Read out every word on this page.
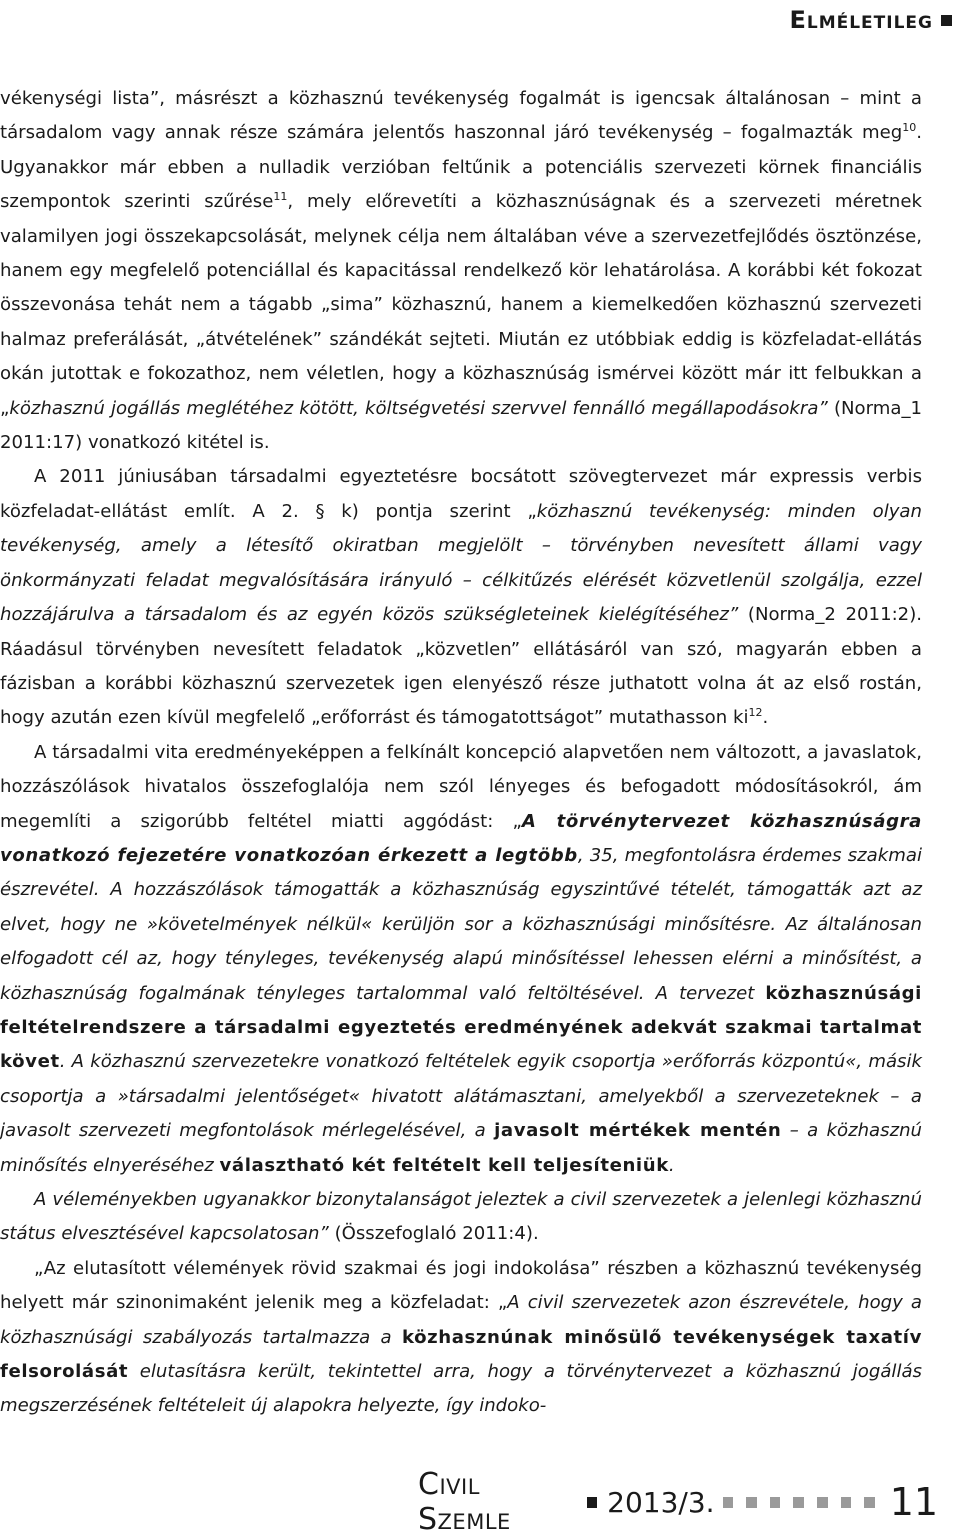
Elméletileg

vékenységi lista”, másrészt a közhasznú tevékenység fogalmát is igencsak általánosan – mint a társadalom vagy annak része számára jelentős haszonnal járó tevékenység – fogalmazták meg$^{10}$. Ugyanakkor már ebben a nulladik verzióban feltűnik a potenciális szervezeti körnek financiális szempontok szerinti szűrése$^{11}$, mely előrevetíti a közhasznúságnak és a szervezeti méretnek valamilyen jogi összekapcsolását, melynek célja nem általában véve a szervezetfejlődés ösztönzése, hanem egy megfelelő potenciállal és kapacitással rendelkező kör lehatárolása. A korábbi két fokozat összevonása tehát nem a tágabb „sima” közhasznú, hanem a kiemelkedően közhasznú szervezeti halmaz preferálását, „átvételének” szándékát sejteti. Miután ez utóbbiak eddig is közfeladat-ellátás okán jutottak e fokozathoz, nem véletlen, hogy a közhasznúság ismérvei között már itt felbukkan a „közhasznú jogállás meglétéhez kötött, költségvetési szervvel fennálló megállapodásokra” (Norma_1 2011:17) vonatkozó kitétel is.

A 2011 júniusában társadalmi egyeztetésre bocsátott szövegtervezet már expressis verbis közfeladat-ellátást említ. A 2. § k) pontja szerint „közhasznú tevékenység: minden olyan tevékenység, amely a létesítő okiratban megjelölt – törvényben nevesített állami vagy önkormányzati feladat megvalósítására irányuló – célkitűzés elérését közvetlenül szolgálja, ezzel hozzájárulva a társadalom és az egyén közös szükségleteinek kielégítéséhez” (Norma_2 2011:2). Ráadásul törvényben nevesített feladatok „közvetlen” ellátásáról van szó, magyarán ebben a fázisban a korábbi közhasznú szervezetek igen elenyésző része juthatott volna át az első rostán, hogy azután ezen kívül megfelelő „erőforrást és támogatottságot” mutathasson $ki^{12}$.

A társadalmi vita eredményeképpen a felkínált koncepció alapvetően nem változott, a javaslatok, hozzászólások hivatalos összefoglalója nem szól lényeges és befogadott módosításokról, ám megemlíti a szigorúbb feltétel miatti aggódást: „A törvénytervezet közhasznúságra vonatkozó fejezetére vonatkozóan érkezett a legtöbb, 35, megfontolásra érdemes szakmai észrevétel. A hozzászólások támogatták a közhasznúság egyszintűvé tételét, támogatták azt az elvet, hogy ne »követelmények nélkül« kerüljön sor a közhasznúsági minősítésre. Az általánosan elfogadott cél az, hogy tényleges, tevékenység alapú minősítéssel lehessen elérni a minősítést, a közhasznúság fogalmának tényleges tartalommal való feltöltésével. A tervezet közhasznúsági feltételrendszere a társadalmi egyeztetés eredményének adekvát szakmai tartalmat követ. A közhasznú szervezetekre vonatkozó feltételek egyik csoportja »erőforrás központú«, másik csoportja a »társadalmi jelentőséget« hivatott alátámasztani, amelyekből a szervezeteknek – a javasolt szervezeti megfontolások mérlegelésével, a javasolt mértékek mentén – a közhasznú minősítés elnyeréséhez választható két feltételt kell teljesíteniük.

A véleményekben ugyanakkor bizonytalanságot jeleztek a civil szervezetek a jelenlegi közhasznú státus elvesztésével kapcsolatosan” (Összefoglaló 2011:4).

„Az elutasított vélemények rövid szakmai és jogi indokolása” részben a közhasznú tevékenység helyett már szinonimaként jelenik meg a közfeladat: „A civil szervezetek azon észrevétele, hogy a közhasznúsági szabályozás tartalmazza a közhasznúnak minősülő tevékenységek taxatív felsorolását elutasításra került, tekintettel arra, hogy a törvénytervezet a közhasznú jogállás megszerzésének feltételeit új alapokra helyezte, így indoko-

Civil Szemle	2013/3.	11
